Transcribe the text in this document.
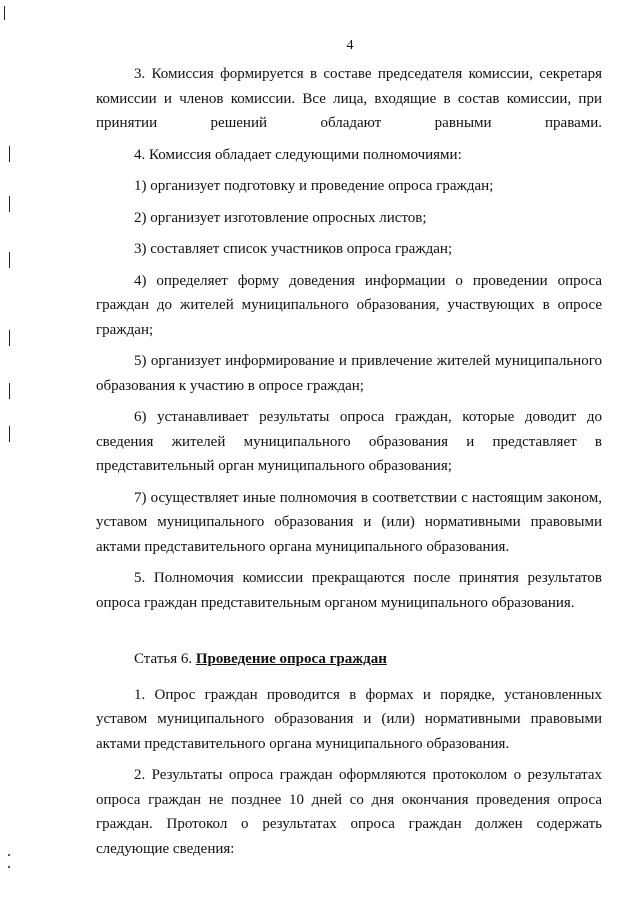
4

3. Комиссия формируется в составе председателя комиссии, секретаря комиссии и членов комиссии. Все лица, входящие в состав комиссии, при принятии решений обладают равными правами.

4. Комиссия обладает следующими полномочиями:

1) организует подготовку и проведение опроса граждан;

2) организует изготовление опросных листов;

3) составляет список участников опроса граждан;

4) определяет форму доведения информации о проведении опроса граждан до жителей муниципального образования, участвующих в опросе граждан;

5) организует информирование и привлечение жителей муниципального образования к участию в опросе граждан;

6) устанавливает результаты опроса граждан, которые доводит до сведения жителей муниципального образования и представляет в представительный орган муниципального образования;

7) осуществляет иные полномочия в соответствии с настоящим законом, уставом муниципального образования и (или) нормативными правовыми актами представительного органа муниципального образования.

5. Полномочия комиссии прекращаются после принятия результатов опроса граждан представительным органом муниципального образования.

Статья 6. Проведение опроса граждан

1. Опрос граждан проводится в формах и порядке, установленных уставом муниципального образования и (или) нормативными правовыми актами представительного органа муниципального образования.

2. Результаты опроса граждан оформляются протоколом о результатах опроса граждан не позднее 10 дней со дня окончания проведения опроса граждан. Протокол о результатах опроса граждан должен содержать следующие сведения:
